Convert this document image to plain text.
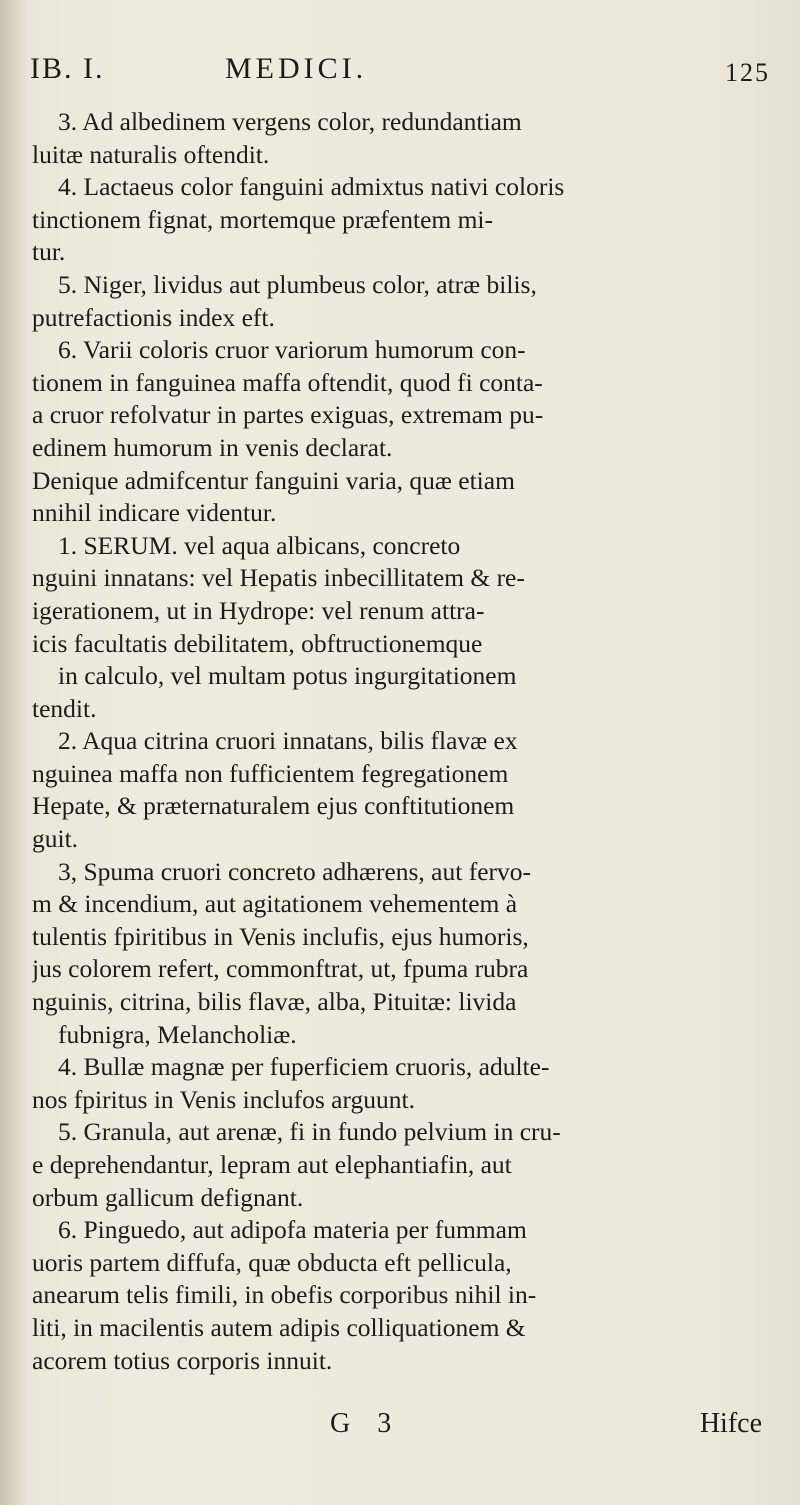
IB. I.	MEDICI.	125
3. Ad albedinem vergens color, redundantiam
luitæ naturalis oftendit.
4. Lactaeus color fanguini admixtus nativi coloris
tinctionem fignat, mortemque præfentem mi-
tur.
5. Niger, lividus aut plumbeus color, atræ bilis,
putrefactionis index eft.
6. Varii coloris cruor variorum humorum con-
tionem in fanguinea maffa oftendit, quod fi conta-
a cruor refolvatur in partes exiguas, extremam pu-
edinem humorum in venis declarat.
Denique admifcentur fanguini varia, quæ etiam
nnihil indicare videntur.
1. SERUM. vel aqua albicans, concreto
nguini innatans: vel Hepatis inbecillitatem & re-
igerationem, ut in Hydrope: vel renum attra-
icis facultatis debilitatem, obftructionemque
in calculo, vel multam potus ingurgitationem
tendit.
2. Aqua citrina cruori innatans, bilis flavæ ex
nguinea maffa non fufficientem fegregationem
Hepate, & præternaturalem ejus conftitutionem
guit.
3, Spuma cruori concreto adhærens, aut fervo-
m & incendium, aut agitationem vehementem à
tulentis fpiritibus in Venis inclufis, ejus humoris,
jus colorem refert, commonftrat, ut, fpuma rubra
nguinis, citrina, bilis flavæ, alba, Pituitæ: livida
fubnigra, Melancholiæ.
4. Bullæ magnæ per fuperficiem cruoris, adulte-
nos fpiritus in Venis inclufos arguunt.
5. Granula, aut arenæ, fi in fundo pelvium in cru-
e deprehendantur, lepram aut elephantiafin, aut
orbum gallicum defignant.
6. Pinguedo, aut adipofa materia per fummam
uoris partem diffufa, quæ obducta eft pellicula,
anearum telis fimili, in obefis corporibus nihil in-
liti, in macilentis autem adipis colliquationem &
acorem totius corporis innuit.
G 3	Hifce
